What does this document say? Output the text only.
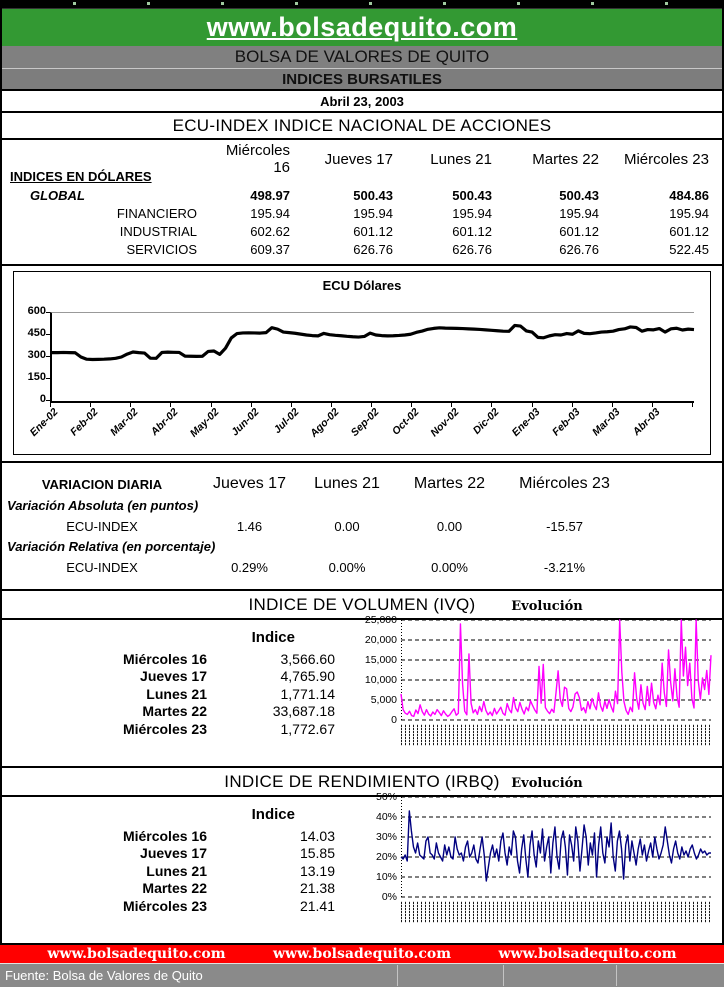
www.bolsadequito.com
BOLSA DE VALORES DE QUITO
INDICES BURSATILES
Abril 23, 2003
ECU-INDEX INDICE NACIONAL DE ACCIONES
Miércoles 16	Jueves 17	Lunes 21	Martes 22	Miércoles 23
INDICES EN DÓLARES
GLOBAL	498.97	500.43	500.43	500.43	484.86
FINANCIERO	195.94	195.94	195.94	195.94	195.94
INDUSTRIAL	602.62	601.12	601.12	601.12	601.12
SERVICIOS	609.37	626.76	626.76	626.76	522.45
ECU Dólares
600
450
300
150
0
Ene-02 Feb-02 Mar-02 Abr-02 May-02 Jun-02 Jul-02 Ago-02 Sep-02 Oct-02 Nov-02 Dic-02 Ene-03 Feb-03 Mar-03 Abr-03
VARIACION DIARIA	Jueves 17	Lunes 21	Martes 22	Miércoles 23
Variación Absoluta (en puntos)
ECU-INDEX	1.46	0.00	0.00	-15.57
Variación Relativa (en porcentaje)
ECU-INDEX	0.29%	0.00%	0.00%	-3.21%
INDICE DE VOLUMEN (IVQ)
Indice
Miércoles 16	3,566.60
Jueves 17	4,765.90
Lunes 21	1,771.14
Martes 22	33,687.18
Miércoles 23	1,772.67
Evolución
25,000
20,000
15,000
10,000
5,000
0
INDICE DE RENDIMIENTO (IRBQ)
Indice
Miércoles 16	14.03
Jueves 17	15.85
Lunes 21	13.19
Martes 22	21.38
Miércoles 23	21.41
Evolución
50%
40%
30%
20%
10%
0%
www.bolsadequito.com	www.bolsadequito.com	www.bolsadequito.com
Fuente: Bolsa de Valores de Quito
